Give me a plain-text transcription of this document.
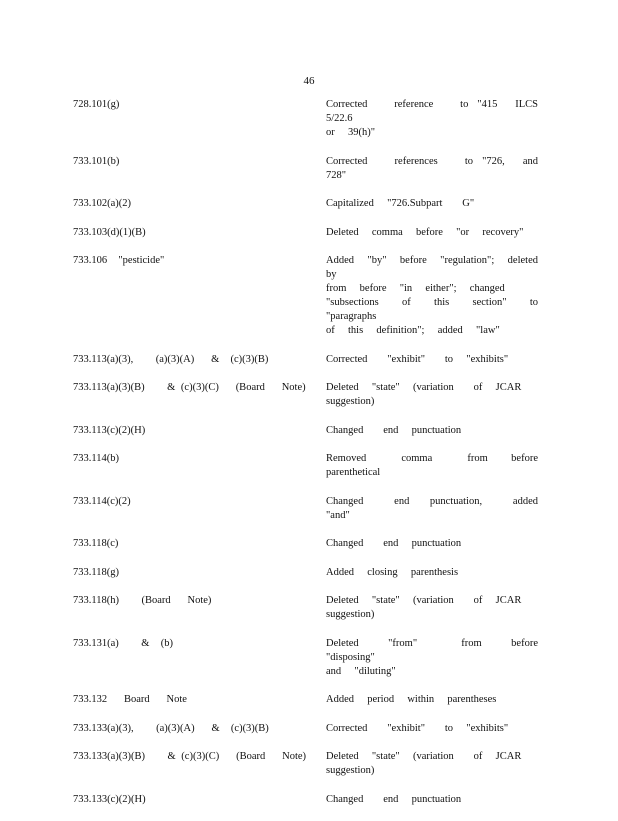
46
728.101(g)	Corrected   reference   to "415  ILCS  5/22.6
or  39(h)"
733.101(b)	Corrected   references   to "726,  and  728"
733.102(a)(2)	Capitalized  "726.Subpart   G"
733.103(d)(1)(B)	Deleted  comma  before  "or  recovery"
733.106  "pesticide"	Added  "by"  before  "regulation";  deleted  by
from  before  "in  either";  changed
"subsections  of  this  section"  to  "paragraphs
of  this  definition";  added  "law"
733.113(a)(3),    (a)(3)(A)   &  (c)(3)(B)	Corrected   "exhibit"   to  "exhibits"
733.113(a)(3)(B)    & (c)(3)(C)   (Board   Note)	Deleted  "state"  (variation   of  JCAR
suggestion)
733.113(c)(2)(H)	Changed   end  punctuation
733.114(b)	Removed   comma   from  before  parenthetical
733.114(c)(2)	Changed   end  punctuation,   added  "and"
733.118(c)	Changed   end  punctuation
733.118(g)	Added  closing  parenthesis
733.118(h)    (Board   Note)	Deleted  "state"  (variation   of  JCAR
suggestion)
733.131(a)    &  (b)	Deleted  "from"   from  before  "disposing"
and  "diluting"
733.132   Board   Note	Added  period  within  parentheses
733.133(a)(3),    (a)(3)(A)   &  (c)(3)(B)	Corrected   "exhibit"   to  "exhibits"
733.133(a)(3)(B)    & (c)(3)(C)   (Board   Note)	Deleted  "state"  (variation   of  JCAR
suggestion)
733.133(c)(2)(H)	Changed   end  punctuation
